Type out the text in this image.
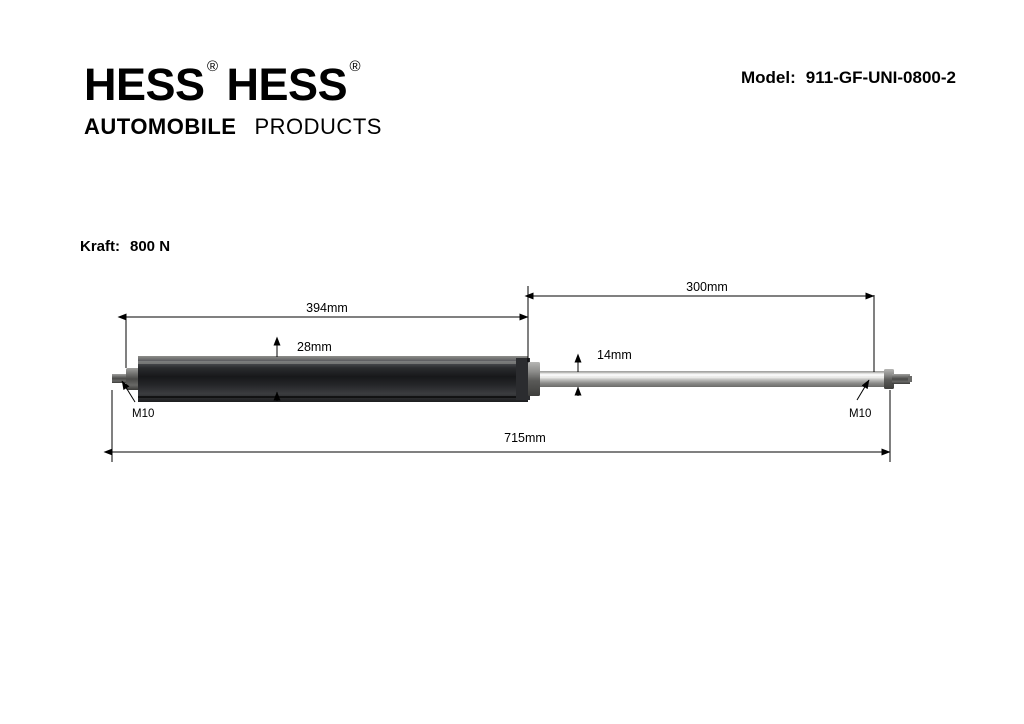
HESS ® HESS ®
AUTOMOBILE PRODUCTS
Model: 911-GF-UNI-0800-2
Kraft: 800 N
394mm
300mm
28mm
14mm
M10	M10
715mm
